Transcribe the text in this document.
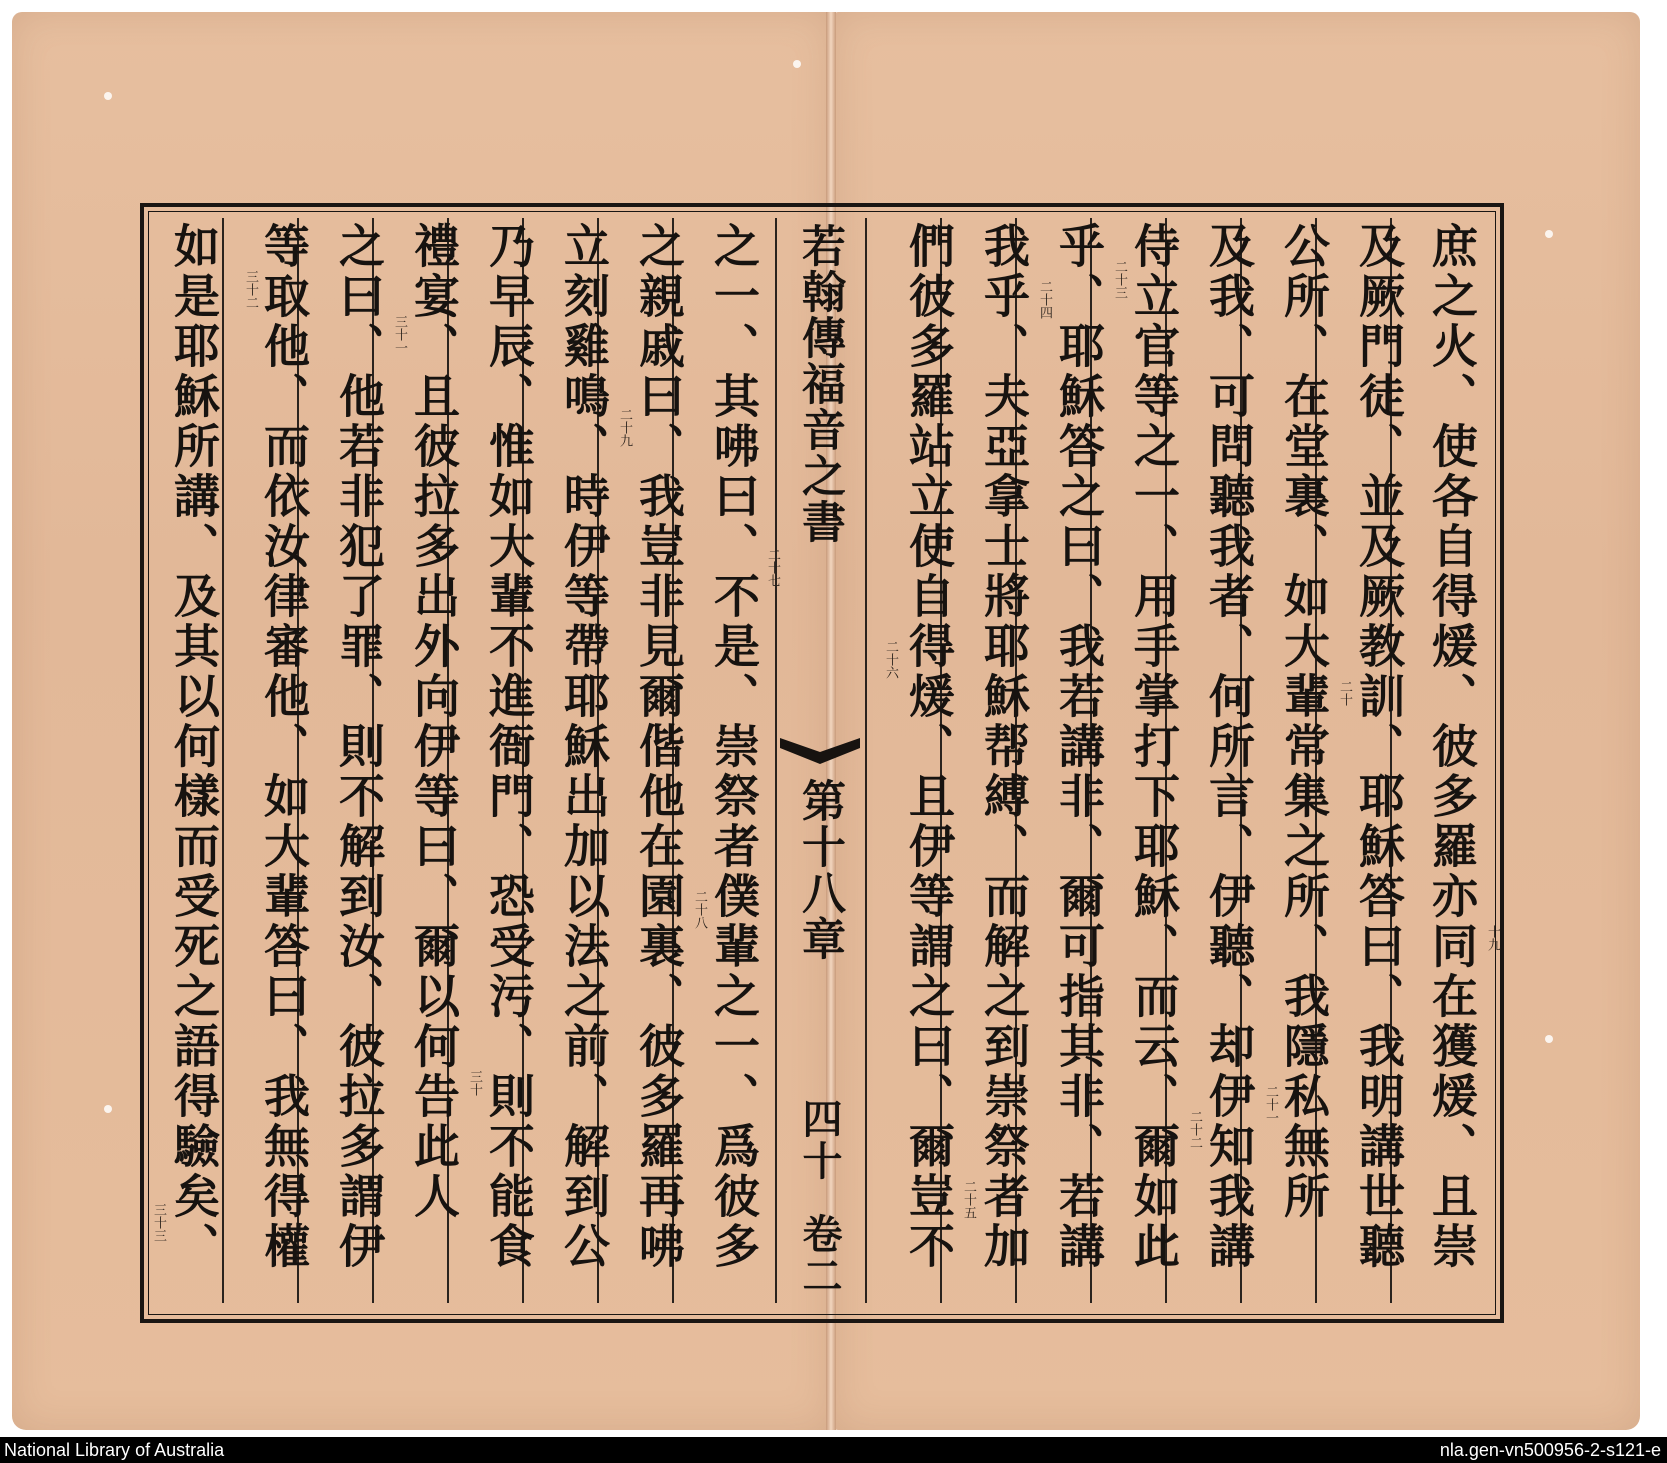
庶之火、使各自得煖、彼多羅亦同在獲煖、且崇
及厥門徒、並及厥教訓、耶穌答曰、我明講世聽
公所、在堂裏、如大輩常集之所、我隱私無所
及我、可問聽我者、何所言、伊聽、却伊知我講
侍立官等之一、用手掌打下耶穌、而云、爾如此
乎、耶穌答之曰、我若講非、爾可指其非、若講
我乎、夫亞拿士將耶穌帮縛、而解之到崇祭者加
們彼多羅站立使自得煖、且伊等謂之曰、爾豈不
若翰傳福音之書
第十八章
四十
卷二
之一、其咈曰、不是、崇祭者僕輩之一、爲彼多
之親戚曰、我豈非見爾偕他在園裏、彼多羅再咈
立刻雞鳴、時伊等帶耶穌出加以法之前、解到公
乃早辰、惟如大輩不進衙門、恐受污、則不能食
禮宴、且彼拉多出外向伊等曰、爾以何告此人
之曰、他若非犯了罪、則不解到汝、彼拉多謂伊
等取他、而依汝律審他、如大輩答曰、我無得權
如是耶穌所講、及其以何樣而受死之語得驗矣、
十九
二十
二十一
二十二
二十三
二十四
二十五
二十六
二十七
二十八
二十九
三十
三十一
三十二
三十三
National Library of Australia	nla.gen-vn500956-2-s121-e
